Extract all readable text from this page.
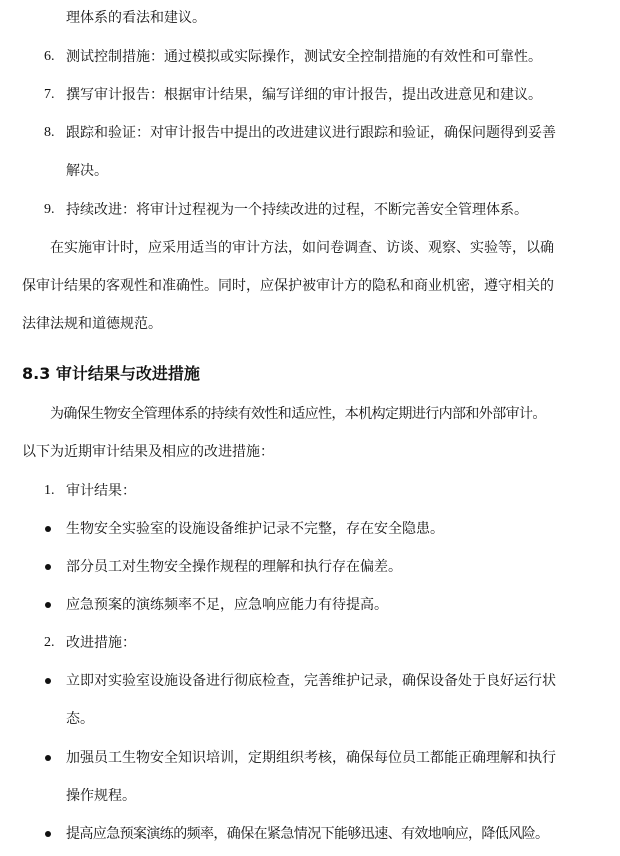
理体系的看法和建议。
6. 测试控制措施：通过模拟或实际操作，测试安全控制措施的有效性和可靠性。
7. 撰写审计报告：根据审计结果，编写详细的审计报告，提出改进意见和建议。
8. 跟踪和验证：对审计报告中提出的改进建议进行跟踪和验证，确保问题得到妥善
解决。
9. 持续改进：将审计过程视为一个持续改进的过程，不断完善安全管理体系。
在实施审计时，应采用适当的审计方法，如问卷调查、访谈、观察、实验等，以确
保审计结果的客观性和准确性。同时，应保护被审计方的隐私和商业机密，遵守相关的
法律法规和道德规范。
8.3 审计结果与改进措施
为确保生物安全管理体系的持续有效性和适应性，本机构定期进行内部和外部审计。
以下为近期审计结果及相应的改进措施：
1. 审计结果：
生物安全实验室的设施设备维护记录不完整，存在安全隐患。
部分员工对生物安全操作规程的理解和执行存在偏差。
应急预案的演练频率不足，应急响应能力有待提高。
2. 改进措施：
立即对实验室设施设备进行彻底检查，完善维护记录，确保设备处于良好运行状
态。
加强员工生物安全知识培训，定期组织考核，确保每位员工都能正确理解和执行
操作规程。
提高应急预案演练的频率，确保在紧急情况下能够迅速、有效地响应，降低风险。
